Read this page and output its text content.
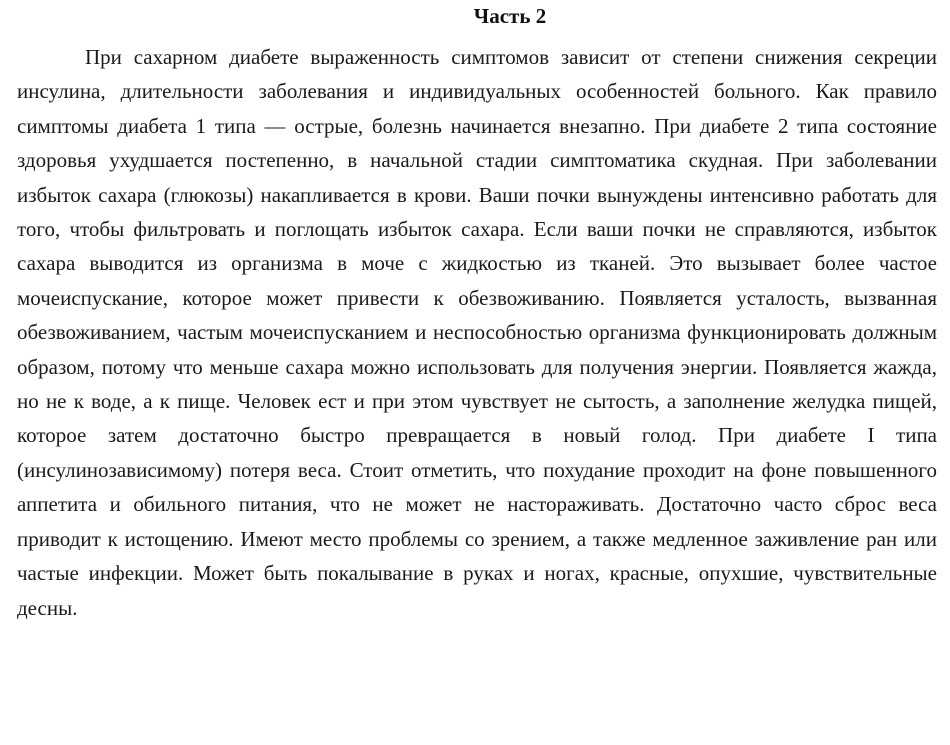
Часть 2

При сахарном диабете выраженность симптомов зависит от степени снижения секреции инсулина, длительности заболевания и индивидуальных особенностей больного. Как правило симптомы диабета 1 типа — острые, болезнь начинается внезапно. При диабете 2 типа состояние здоровья ухудшается постепенно, в начальной стадии симптоматика скудная. При заболевании избыток сахара (глюкозы) накапливается в крови. Ваши почки вынуждены интенсивно работать для того, чтобы фильтровать и поглощать избыток сахара. Если ваши почки не справляются, избыток сахара выводится из организма в моче с жидкостью из тканей. Это вызывает более частое мочеиспускание, которое может привести к обезвоживанию. Появляется усталость, вызванная обезвоживанием, частым мочеиспусканием и неспособностью организма функционировать должным образом, потому что меньше сахара можно использовать для получения энергии. Появляется жажда, но не к воде, а к пище. Человек ест и при этом чувствует не сытость, а заполнение желудка пищей, которое затем достаточно быстро превращается в новый голод. При диабете I типа (инсулинозависимому) потеря веса. Стоит отметить, что похудание проходит на фоне повышенного аппетита и обильного питания, что не может не настораживать. Достаточно часто сброс веса приводит к истощению. Имеют место проблемы со зрением, а также медленное заживление ран или частые инфекции. Может быть покалывание в руках и ногах, красные, опухшие, чувствительные десны.
